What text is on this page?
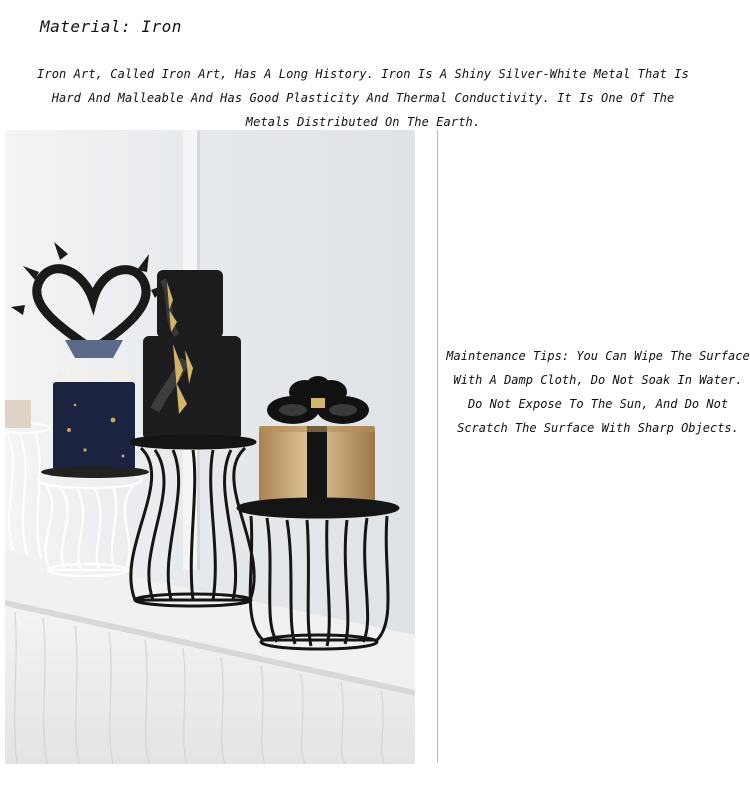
Material: Iron
Iron Art, Called Iron Art, Has A Long History. Iron Is A Shiny Silver-White Metal That Is
Hard And Malleable And Has Good Plasticity And Thermal Conductivity. It Is One Of The
Metals Distributed On The Earth.
HAPPY BD
Maintenance Tips: You Can Wipe The Surface
With A Damp Cloth, Do Not Soak In Water.
Do Not Expose To The Sun, And Do Not
Scratch The Surface With Sharp Objects.
